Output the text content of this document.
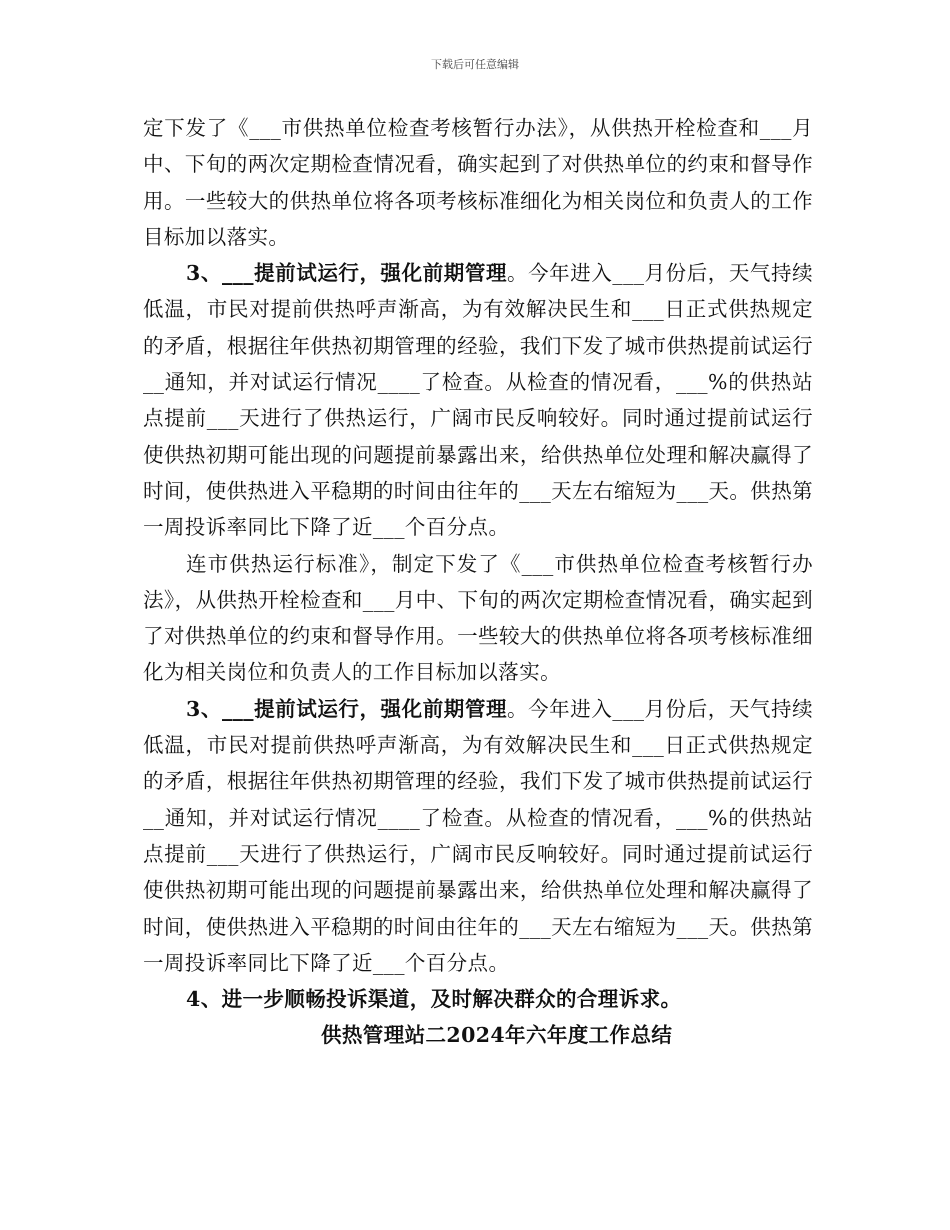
下载后可任意编辑

定下发了《___市供热单位检查考核暂行办法》，从供热开栓检查和___月中、下旬的两次定期检查情况看，确实起到了对供热单位的约束和督导作用。一些较大的供热单位将各项考核标准细化为相关岗位和负责人的工作目标加以落实。

3、___提前试运行，强化前期管理。今年进入___月份后，天气持续低温，市民对提前供热呼声渐高，为有效解决民生和___日正式供热规定的矛盾，根据往年供热初期管理的经验，我们下发了城市供热提前试运行__通知，并对试运行情况____了检查。从检查的情况看，___%的供热站点提前___天进行了供热运行，广阔市民反响较好。同时通过提前试运行使供热初期可能出现的问题提前暴露出来，给供热单位处理和解决赢得了时间，使供热进入平稳期的时间由往年的___天左右缩短为___天。供热第一周投诉率同比下降了近___个百分点。

连市供热运行标准》，制定下发了《___市供热单位检查考核暂行办法》，从供热开栓检查和___月中、下旬的两次定期检查情况看，确实起到了对供热单位的约束和督导作用。一些较大的供热单位将各项考核标准细化为相关岗位和负责人的工作目标加以落实。

3、___提前试运行，强化前期管理。今年进入___月份后，天气持续低温，市民对提前供热呼声渐高，为有效解决民生和___日正式供热规定的矛盾，根据往年供热初期管理的经验，我们下发了城市供热提前试运行__通知，并对试运行情况____了检查。从检查的情况看，___%的供热站点提前___天进行了供热运行，广阔市民反响较好。同时通过提前试运行使供热初期可能出现的问题提前暴露出来，给供热单位处理和解决赢得了时间，使供热进入平稳期的时间由往年的___天左右缩短为___天。供热第一周投诉率同比下降了近___个百分点。

4、进一步顺畅投诉渠道，及时解决群众的合理诉求。

供热管理站二2024年六年度工作总结
